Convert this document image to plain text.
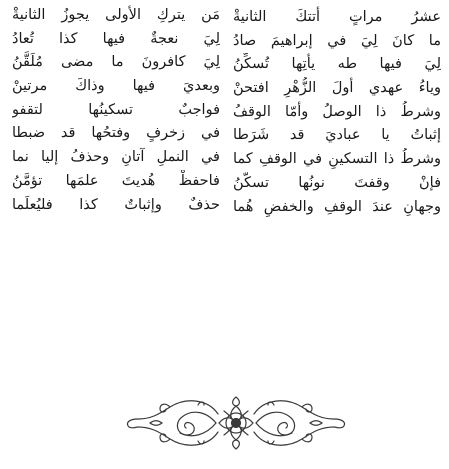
عشرُ مراتٍ أتتكَ الثانيةْ
ما كانَ لِيَ في إبراهيمَ صادُ
لِيَ فيها طه يأتِها تُسكِّنُ
وياءُ عهدي أولَ الزُّهْرِ افتحنْ
وشرطُ ذا الوصلُ وأمّا الوقفُ
إثباتُ يا عباديَ قد شَرَطا
وشرطُ ذا التسكينِ في الوقفِ كما
فإنْ وقفتَ نونُها تسكّنُ
وجهانِ عندَ الوقفِ والخفضِ هُما
مَن يتركِ الأولى يجوزُ الثانيةْ
لِيَ نعجةٌ فيها كذا تُعادُ
لِيَ كافرونَ ما مضى مُلَقَّنُ
وبعديَ فيها وذاكَ مرتينْ
فواجبٌ تسكينُها لتقفو
في زخرفٍ وفتحُها قد ضبطا
في النملِ آتانِ وحذفُ إليا نما
فاحفظْ هُديتَ علمَها تؤمَّنُ
حذفٌ وإثباتٌ كذا فليُعلَما
